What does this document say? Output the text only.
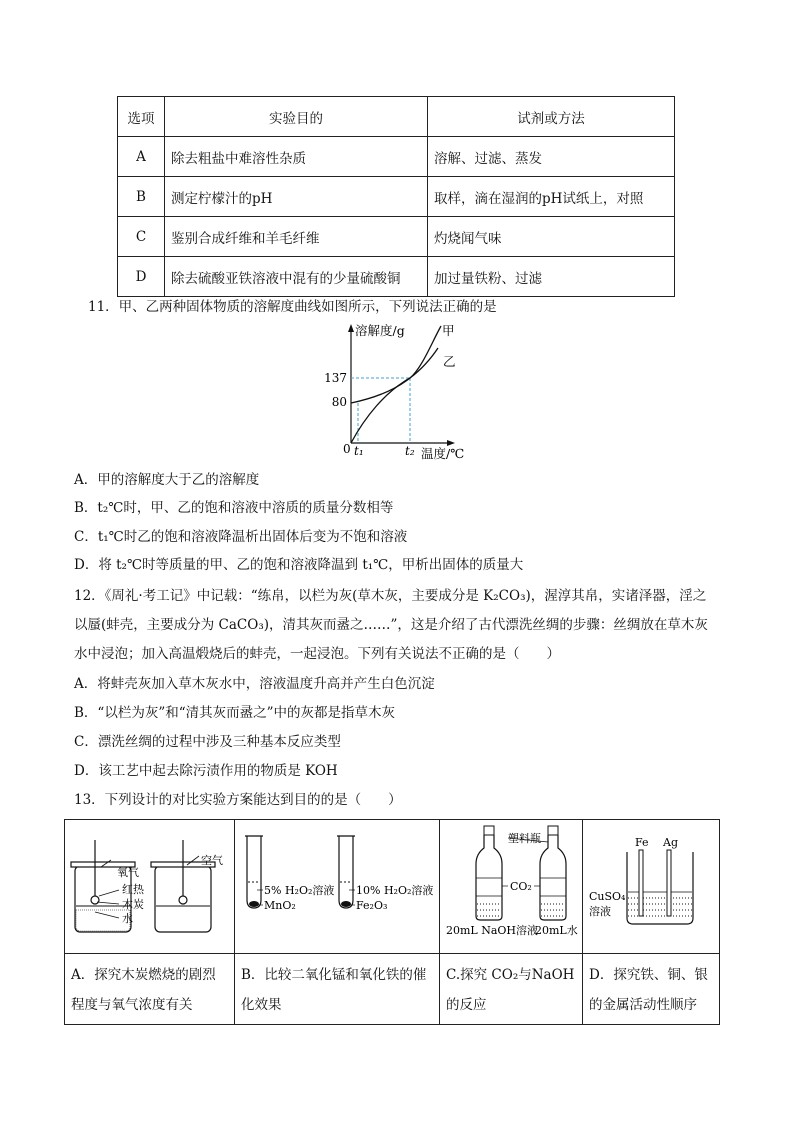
选项	实验目的	试剂或方法
A	除去粗盐中难溶性杂质	溶解、过滤、蒸发
B	测定柠檬汁的pH	取样，滴在湿润的pH试纸上，对照
C	鉴别合成纤维和羊毛纤维	灼烧闻气味
D	除去硫酸亚铁溶液中混有的少量硫酸铜	加过量铁粉、过滤
11．甲、乙两种固体物质的溶解度曲线如图所示，下列说法正确的是
溶解度/g	甲
乙
137
80
0 t₁	t₂ 温度/℃
A．甲的溶解度大于乙的溶解度
B．t₂℃时，甲、乙的饱和溶液中溶质的质量分数相等
C．t₁℃时乙的饱和溶液降温析出固体后变为不饱和溶液
D．将 t₂℃时等质量的甲、乙的饱和溶液降温到 t₁℃，甲析出固体的质量大
12．《周礼·考工记》中记载：“练帛，以栏为灰(草木灰，主要成分是 K₂CO₃)，渥淳其帛，实诸泽器，淫之
以蜃(蚌壳，主要成分为 CaCO₃)，清其灰而盝之……”，这是介绍了古代漂洗丝绸的步骤：丝绸放在草木灰
水中浸泡；加入高温煅烧后的蚌壳，一起浸泡。下列有关说法不正确的是（　　）
A．将蚌壳灰加入草木灰水中，溶液温度升高并产生白色沉淀
B．“以栏为灰”和“清其灰而盝之”中的灰都是指草木灰
C．漂洗丝绸的过程中涉及三种基本反应类型
D．该工艺中起去除污渍作用的物质是 KOH
13．下列设计的对比实验方案能达到目的的是（　　）
氧气
空气
红热
木炭
水	5% H₂O₂溶液 10% H₂O₂溶液
MnO₂ Fe₂O₃	塑料瓶
CO₂
20mL NaOH溶液
20mL水	Fe Ag
CuSO₄
溶液

A．探究木炭燃烧的剧烈程度与氧气浓度有关	B．比较二氧化锰和氧化铁的催化效果	C.探究 CO₂与NaOH的反应	D．探究铁、铜、银的金属活动性顺序
